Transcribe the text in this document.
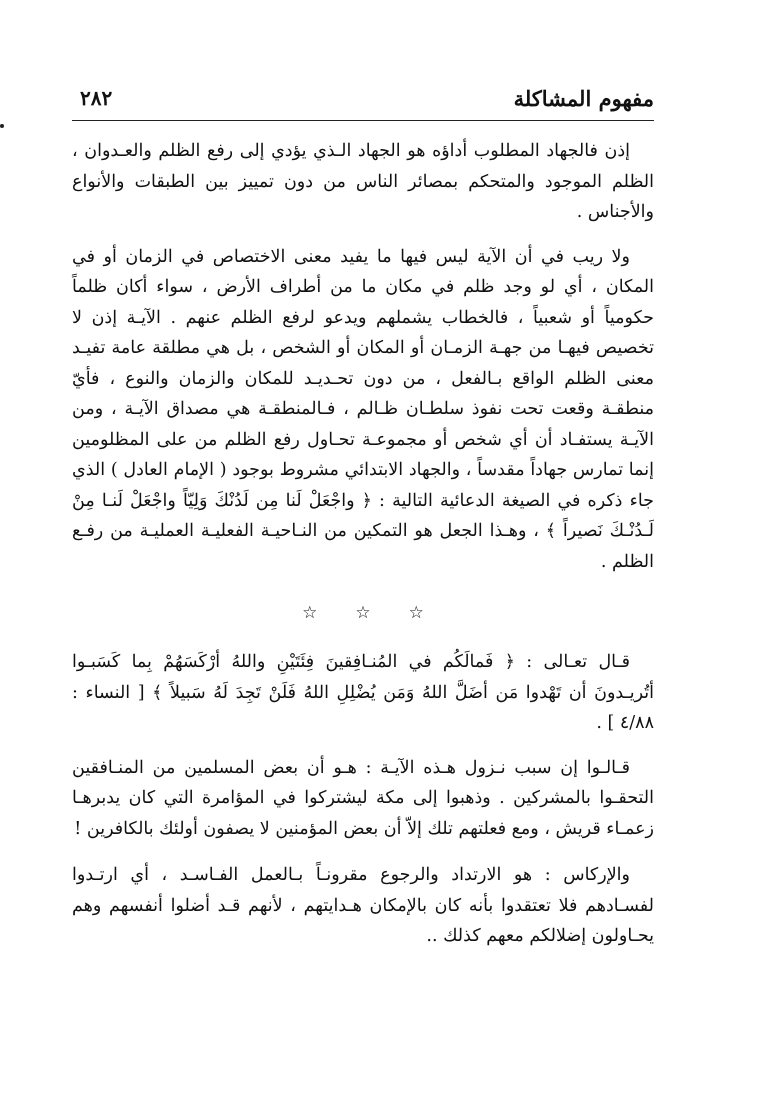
مفهوم المشاكلة
٢٨٢

إذن فالجهاد المطلوب أداؤه هو الجهاد الـذي يؤدي إلى رفع الظلم والعـدوان ، الظلم الموجود والمتحكم بمصائر الناس من دون تمييز بين الطبقات والأنواع والأجناس .

ولا ريب في أن الآية ليس فيها ما يفيد معنى الاختصاص في الزمان أو في المكان ، أي لو وجد ظلم في مكان ما من أطراف الأرض ، سواء أكان ظلماً حكومياً أو شعبياً ، فالخطاب يشملهم ويدعو لرفع الظلم عنهم . الآيـة إذن لا تخصيص فيهـا من جهـة الزمـان أو المكان أو الشخص ، بل هي مطلقة عامة تفيـد معنى الظلم الواقع بـالفعل ، من دون تحـديـد للمكان والزمان والنوع ، فأيّ منطقـة وقعت تحت نفوذ سلطـان ظـالم ، فـالمنطقـة هي مصداق الآيـة ، ومن الآيـة يستفـاد أن أي شخص أو مجموعـة تحـاول رفع الظلم من على المظلومين إنما تمارس جهاداً مقدساً ، والجهاد الابتدائي مشروط بوجود ( الإمام العادل ) الذي جاء ذكره في الصيغة الدعائية التالية : ﴿ واجْعَلْ لَنا مِن لَدُنْكَ وَلِيّاً واجْعَلْ لَنـا مِنْ لَـدُنْـكَ نَصيراً ﴾ ، وهـذا الجعل هو التمكين من النـاحيـة الفعليـة العمليـة من رفـع الظلم .

☆ ☆ ☆

قـال تعـالى : ﴿ فَمالَكُم في المُنـافِقينَ فِئَتَيْنِ واللهُ أرْكَسَهُمْ بِما كَسَبـوا أتُريـدونَ أن تَهْدوا مَن أضَلَّ اللهُ وَمَن يُضْلِلِ اللهُ فَلَنْ تَجِدَ لَهُ سَبيلاً ﴾ [ النساء : ٤/٨٨ ] .

قـالـوا إن سبب نـزول هـذه الآيـة : هـو أن بعض المسلمين من المنـافقين التحقـوا بالمشركين . وذهبوا إلى مكة ليشتركوا في المؤامرة التي كان يدبرهـا زعمـاء قريش ، ومع فعلتهم تلك إلاّ أن بعض المؤمنين لا يصفون أولئك بالكافرين !

والإركاس : هو الارتداد والرجوع مقرونـاً بـالعمل الفـاسـد ، أي ارتـدوا لفسـادهم فلا تعتقدوا بأنه كان بالإمكان هـدايتهم ، لأنهم قـد أضلوا أنفسهم وهم يحـاولون إضلالكم معهم كذلك ..
